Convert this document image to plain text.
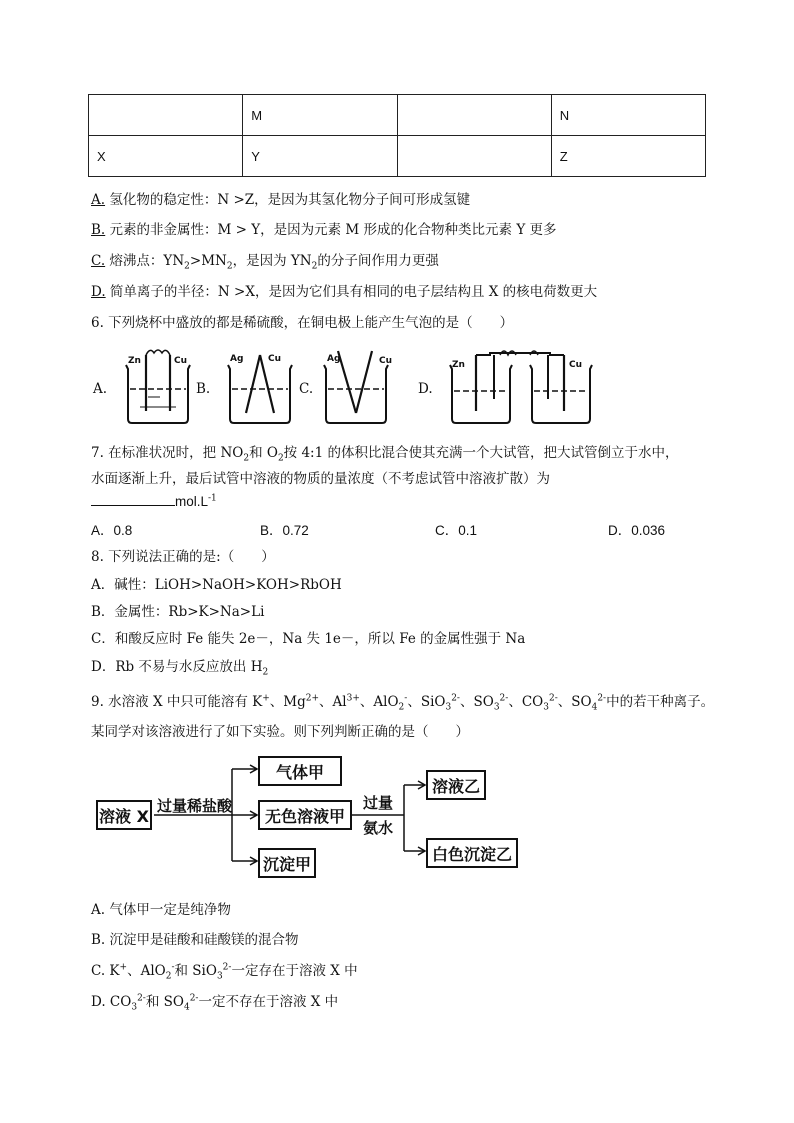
	M		N
X	Y		Z
A. 氢化物的稳定性：N >Z，是因为其氢化物分子间可形成氢键
B. 元素的非金属性：M > Y，是因为元素 M 形成的化合物种类比元素 Y 更多
C. 熔沸点：$YN_2>MN_2$，是因为 $YN_2$的分子间作用力更强
D. 简单离子的半径：N >X，是因为它们具有相同的电子层结构且 X 的核电荷数更大
6. 下列烧杯中盛放的都是稀硫酸，在铜电极上能产生气泡的是（　　）
A.	B.	C.	D.
Zn	Cu	Ag	Cu	Ag	Cu	Zn	Cu
7. 在标准状况时，把 $NO_2$和 $O_2$按 4:1 的体积比混合使其充满一个大试管，把大试管倒立于水中，
水面逐渐上升，最后试管中溶液的物质的量浓度（不考虑试管中溶液扩散）为
$mol.L^{-1}$
A．0.8	B．0.72	C．0.1	D．0.036
8. 下列说法正确的是:（　　）
A．碱性：LiOH>NaOH>KOH>RbOH
B．金属性：Rb>K>Na>Li
C．和酸反应时 Fe 能失 2e－，Na 失 1e－，所以 Fe 的金属性强于 Na
D．Rb 不易与水反应放出 $H_2$
9. 水溶液 X 中只可能溶有 K+、$Mg^{2+}$、$Al^{3+}$、AlO$_2$-、SiO$_3^{2-}$、$SO_3^{2-}$、$CO_3^{2-}$、$SO_4^{2-}$中的若干种离子。
某同学对该溶液进行了如下实验。则下列判断正确的是（　　）
溶液 X
过量稀盐酸
气体甲
无色溶液甲
沉淀甲
过量
氨水
溶液乙
白色沉淀乙
A. 气体甲一定是纯净物
B. 沉淀甲是硅酸和硅酸镁的混合物
C. K+、AlO$_2$-和 SiO$_3^{2-}$一定存在于溶液 X 中
D. $CO_3^{2-}$和 $SO_4^{2-}$一定不存在于溶液 X 中
